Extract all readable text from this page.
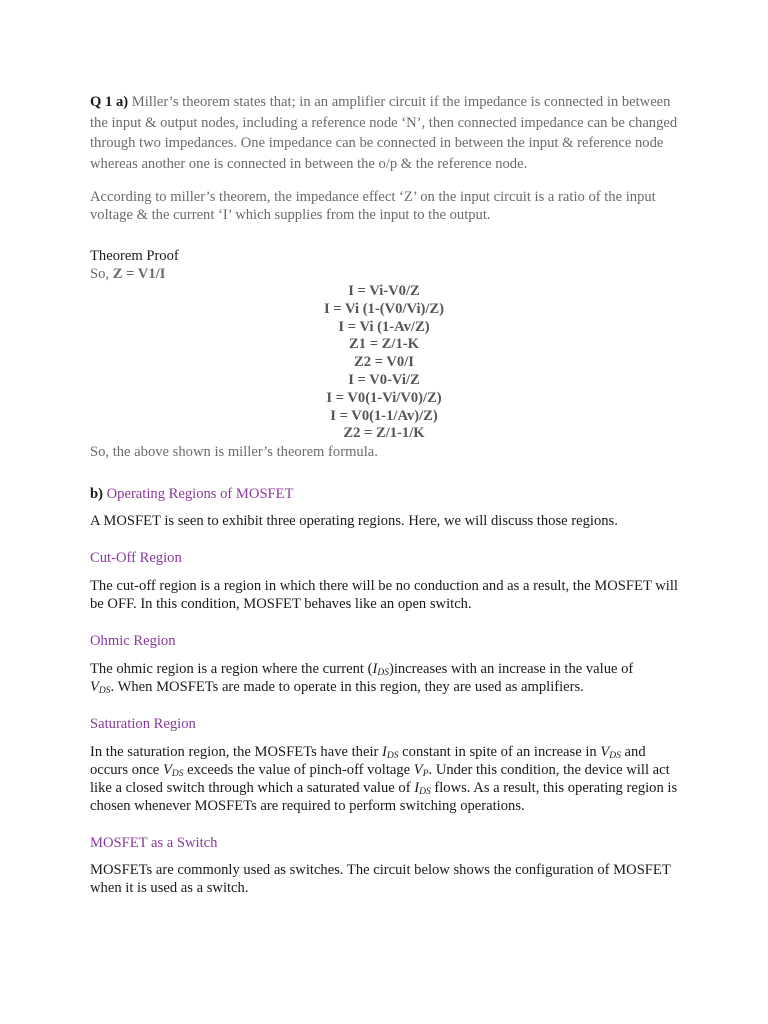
Q 1 a) Miller’s theorem states that; in an amplifier circuit if the impedance is connected in between the input & output nodes, including a reference node ‘N’, then connected impedance can be changed through two impedances. One impedance can be connected in between the input & reference node whereas another one is connected in between the o/p & the reference node.

According to miller’s theorem, the impedance effect ‘Z’ on the input circuit is a ratio of the input voltage & the current ‘I’ which supplies from the input to the output.

Theorem Proof

So, Z = V1/I

I = Vi-V0/Z
I = Vi (1-(V0/Vi)/Z)
I = Vi (1-Av/Z)
Z1 = Z/1-K
Z2 = V0/I
I = V0-Vi/Z
I = V0(1-Vi/V0)/Z)
I = V0(1-1/Av)/Z)
Z2 = Z/1-1/K

So, the above shown is miller’s theorem formula.

b) Operating Regions of MOSFET

A MOSFET is seen to exhibit three operating regions. Here, we will discuss those regions.

Cut-Off Region

The cut-off region is a region in which there will be no conduction and as a result, the MOSFET will be OFF. In this condition, MOSFET behaves like an open switch.

Ohmic Region

The ohmic region is a region where the current $(I_{DS})increases$ with an increase in the value of $V_{DS}$. When MOSFETs are made to operate in this region, they are used as amplifiers.

Saturation Region

In the saturation region, the MOSFETs have their $I_{DS}$ constant in spite of an increase in $V_{DS}$ and occurs once $V_{DS}$ exceeds the value of pinch-off voltage $V_P$. Under this condition, the device will act like a closed switch through which a saturated value of $I_{DS}$ flows. As a result, this operating region is chosen whenever MOSFETs are required to perform switching operations.

MOSFET as a Switch

MOSFETs are commonly used as switches. The circuit below shows the configuration of MOSFET when it is used as a switch.
